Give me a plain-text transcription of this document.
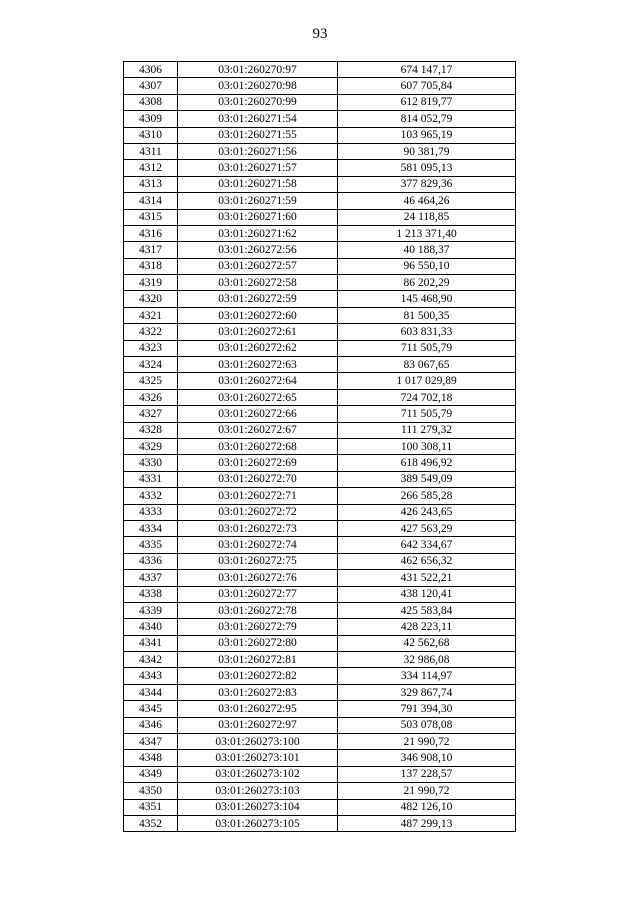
93
4306	03:01:260270:97	674 147,17
4307	03:01:260270:98	607 705,84
4308	03:01:260270:99	612 819,77
4309	03:01:260271:54	814 052,79
4310	03:01:260271:55	103 965,19
4311	03:01:260271:56	90 381,79
4312	03:01:260271:57	581 095,13
4313	03:01:260271:58	377 829,36
4314	03:01:260271:59	46 464,26
4315	03:01:260271:60	24 118,85
4316	03:01:260271:62	1 213 371,40
4317	03:01:260272:56	40 188,37
4318	03:01:260272:57	96 550,10
4319	03:01:260272:58	86 202,29
4320	03:01:260272:59	145 468,90
4321	03:01:260272:60	81 500,35
4322	03:01:260272:61	603 831,33
4323	03:01:260272:62	711 505,79
4324	03:01:260272:63	83 067,65
4325	03:01:260272:64	1 017 029,89
4326	03:01:260272:65	724 702,18
4327	03:01:260272:66	711 505,79
4328	03:01:260272:67	111 279,32
4329	03:01:260272:68	100 308,11
4330	03:01:260272:69	618 496,92
4331	03:01:260272:70	389 549,09
4332	03:01:260272:71	266 585,28
4333	03:01:260272:72	426 243,65
4334	03:01:260272:73	427 563,29
4335	03:01:260272:74	642 334,67
4336	03:01:260272:75	462 656,32
4337	03:01:260272:76	431 522,21
4338	03:01:260272:77	438 120,41
4339	03:01:260272:78	425 583,84
4340	03:01:260272:79	428 223,11
4341	03:01:260272:80	42 562,68
4342	03:01:260272:81	32 986,08
4343	03:01:260272:82	334 114,97
4344	03:01:260272:83	329 867,74
4345	03:01:260272:95	791 394,30
4346	03:01:260272:97	503 078,08
4347	03:01:260273:100	21 990,72
4348	03:01:260273:101	346 908,10
4349	03:01:260273:102	137 228,57
4350	03:01:260273:103	21 990,72
4351	03:01:260273:104	482 126,10
4352	03:01:260273:105	487 299,13
